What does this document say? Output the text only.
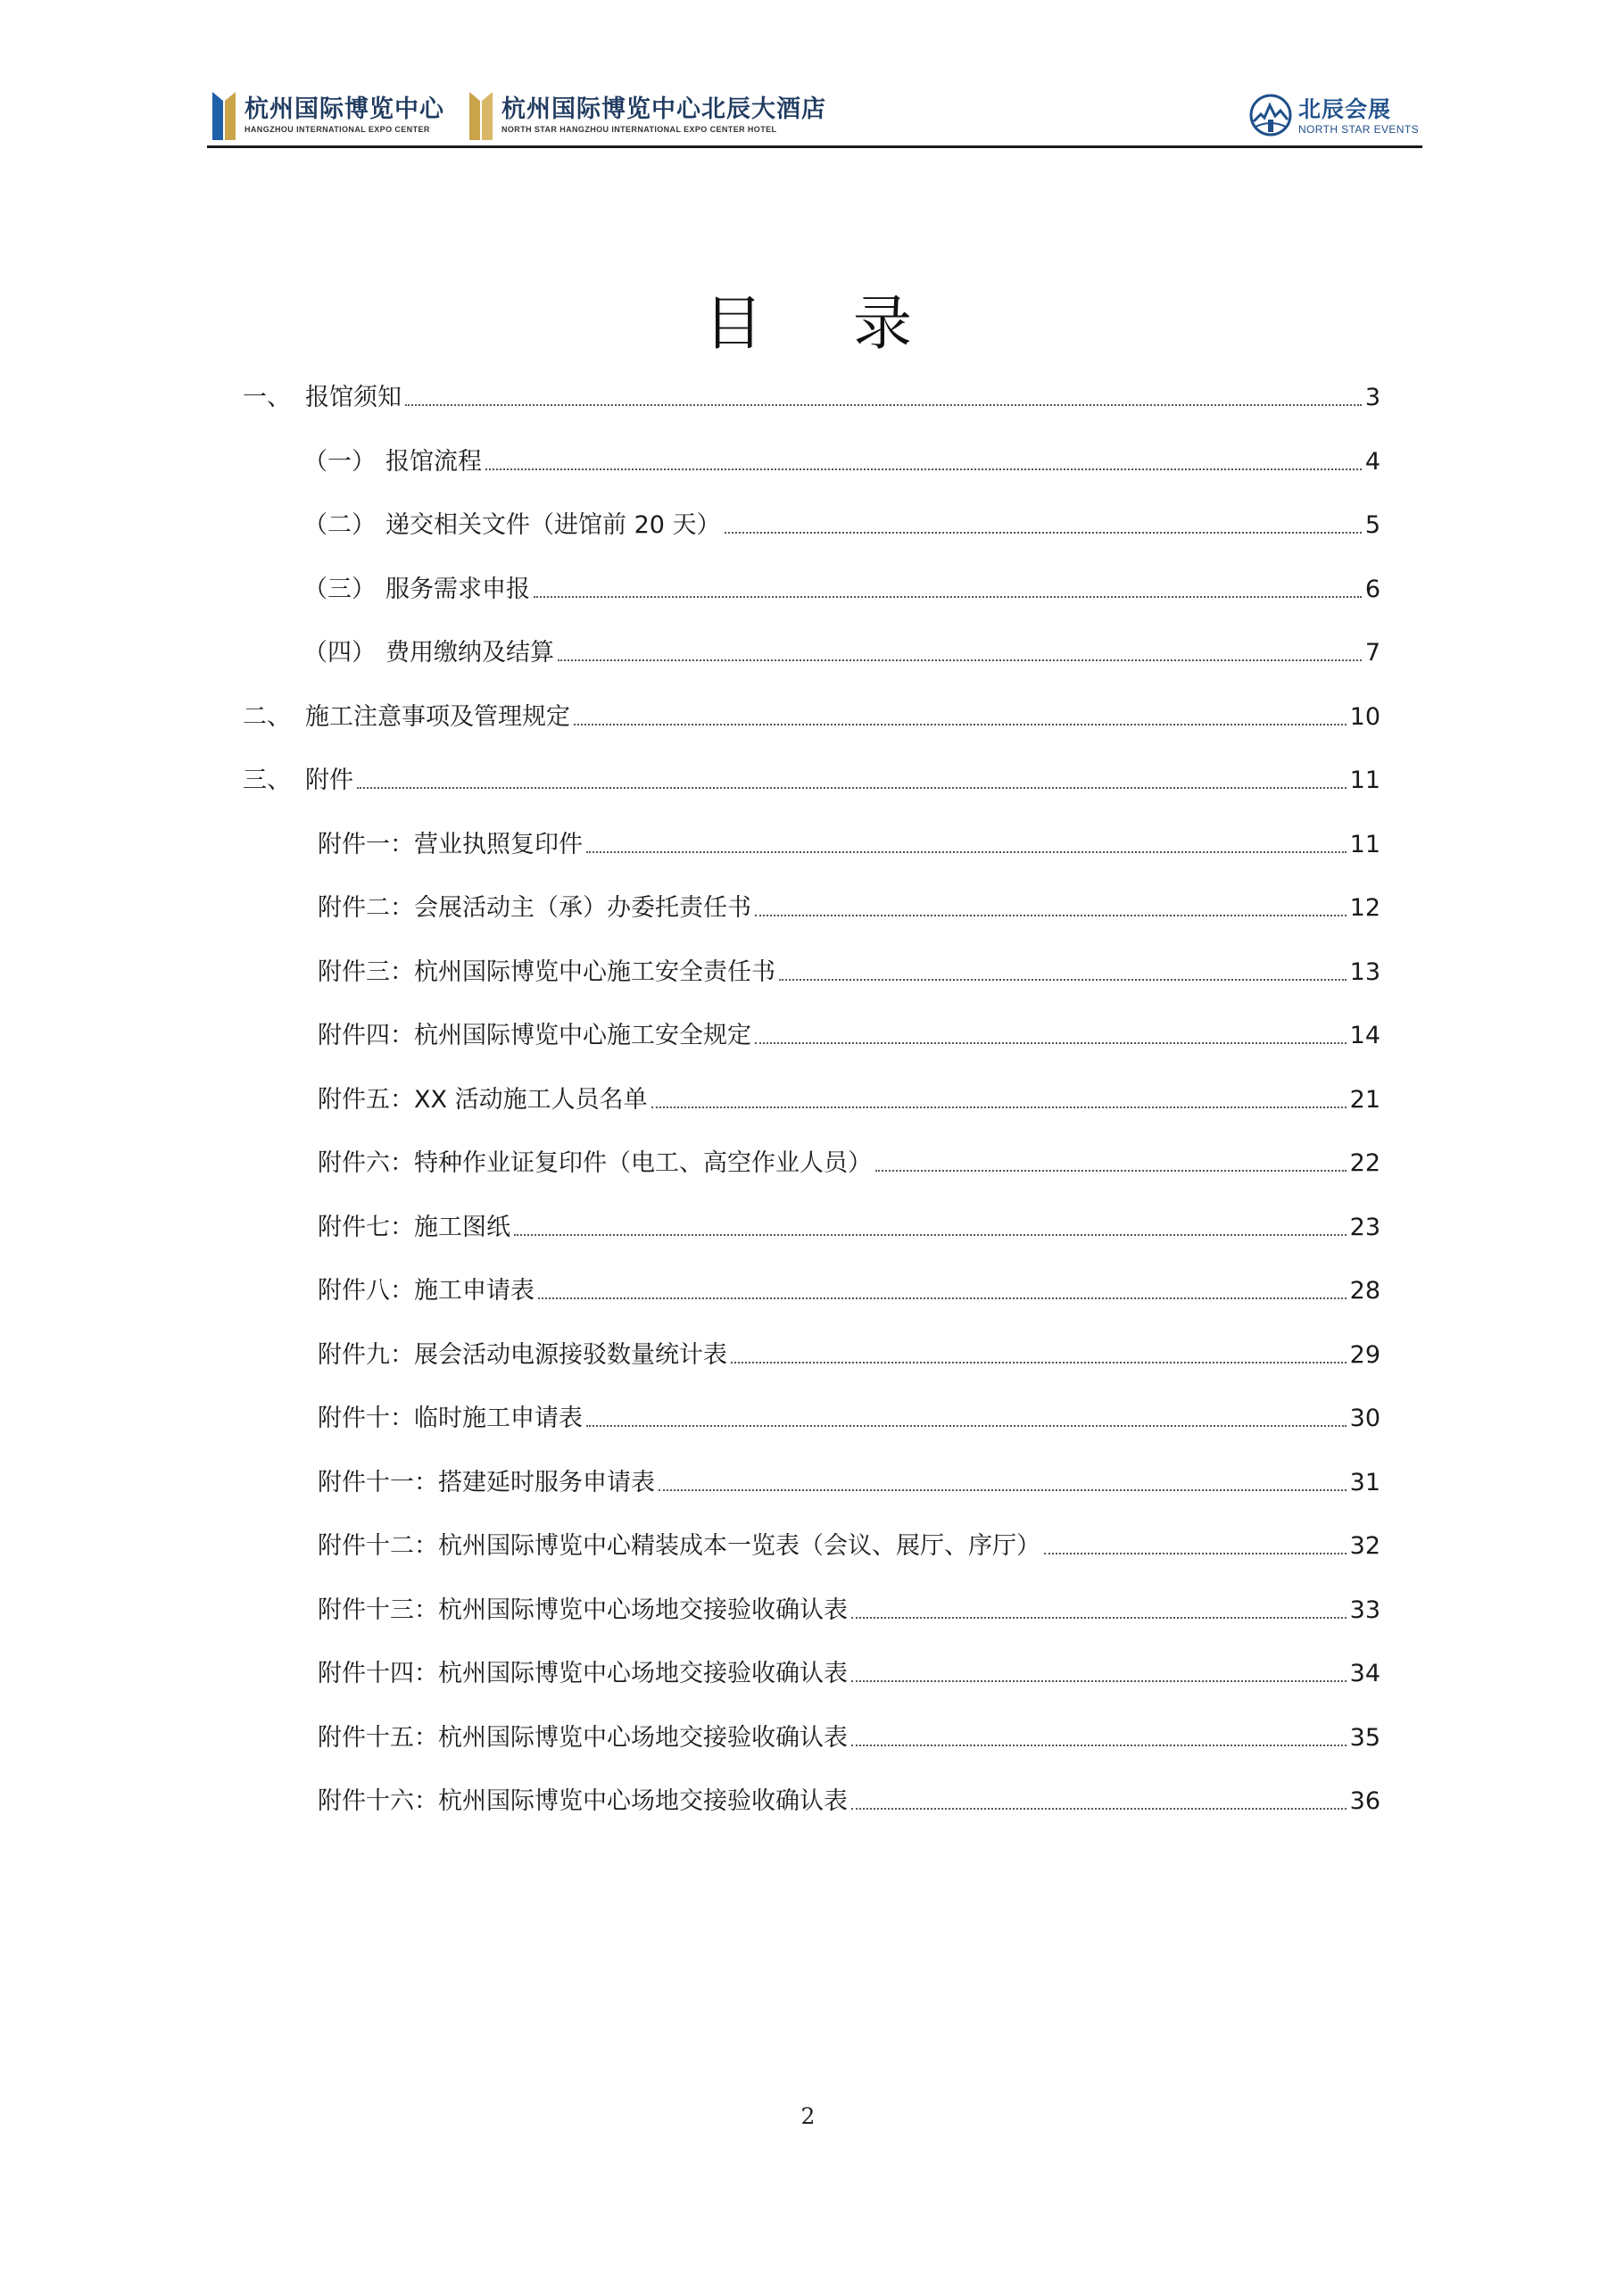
杭州国际博览中心
HANGZHOU INTERNATIONAL EXPO CENTER
杭州国际博览中心北辰大酒店
NORTH STAR HANGZHOU INTERNATIONAL EXPO CENTER HOTEL
北辰会展
NORTH STAR EVENTS
目 录
一、 报馆须知	3
（一） 报馆流程	4
（二） 递交相关文件（进馆前 20 天）	5
（三） 服务需求申报	6
（四） 费用缴纳及结算	7
二、 施工注意事项及管理规定	10
三、 附件	11
附件一：营业执照复印件	11
附件二：会展活动主（承）办委托责任书	12
附件三：杭州国际博览中心施工安全责任书	13
附件四：杭州国际博览中心施工安全规定	14
附件五：XX 活动施工人员名单	21
附件六：特种作业证复印件（电工、高空作业人员）	22
附件七：施工图纸	23
附件八：施工申请表	28
附件九：展会活动电源接驳数量统计表	29
附件十：临时施工申请表	30
附件十一：搭建延时服务申请表	31
附件十二：杭州国际博览中心精装成本一览表（会议、展厅、序厅）	32
附件十三：杭州国际博览中心场地交接验收确认表	33
附件十四：杭州国际博览中心场地交接验收确认表	34
附件十五：杭州国际博览中心场地交接验收确认表	35
附件十六：杭州国际博览中心场地交接验收确认表	36
2
